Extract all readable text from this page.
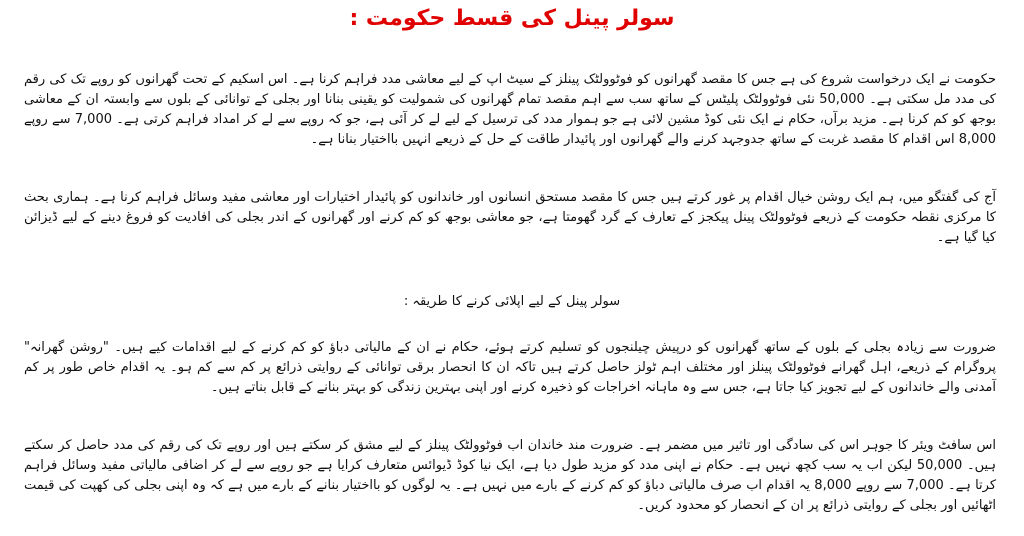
سولر پینل کی قسط حکومت :

حکومت نے ایک درخواست شروع کی ہے جس کا مقصد گھرانوں کو فوٹوولٹک پینلز کے سیٹ اپ کے لیے معاشی مدد فراہم کرنا ہے۔ اس اسکیم کے تحت گھرانوں کو روپے تک کی رقم کی مدد مل سکتی ہے۔ 50,000 نئی فوٹوولٹک پلیٹس کے ساتھ سب سے اہم مقصد تمام گھرانوں کی شمولیت کو یقینی بنانا اور بجلی کے توانائی کے بلوں سے وابستہ ان کے معاشی بوجھ کو کم کرنا ہے۔ مزید برآں، حکام نے ایک نئی کوڈ مشین لائی ہے جو ہموار مدد کی ترسیل کے لیے لے کر آئی ہے، جو کہ روپے سے لے کر امداد فراہم کرتی ہے۔ 7,000 سے روپے 8,000 اس اقدام کا مقصد غربت کے ساتھ جدوجہد کرنے والے گھرانوں اور پائیدار طاقت کے حل کے ذریعے انہیں بااختیار بنانا ہے۔

آج کی گفتگو میں، ہم ایک روشن خیال اقدام پر غور کرتے ہیں جس کا مقصد مستحق انسانوں اور خاندانوں کو پائیدار اختیارات اور معاشی مفید وسائل فراہم کرنا ہے۔ ہماری بحث کا مرکزی نقطہ حکومت کے ذریعے فوٹوولٹک پینل پیکجز کے تعارف کے گرد گھومتا ہے، جو معاشی بوجھ کو کم کرنے اور گھرانوں کے اندر بجلی کی افادیت کو فروغ دینے کے لیے ڈیزائن کیا گیا ہے۔

سولر پینل کے لیے اپلائی کرنے کا طریقہ :

ضرورت سے زیادہ بجلی کے بلوں کے ساتھ گھرانوں کو درپیش چیلنجوں کو تسلیم کرتے ہوئے، حکام نے ان کے مالیاتی دباؤ کو کم کرنے کے لیے اقدامات کیے ہیں۔ "روشن گھرانہ" پروگرام کے ذریعے، اہل گھرانے فوٹوولٹک پینلز اور مختلف اہم ٹولز حاصل کرتے ہیں تاکہ ان کا انحصار برقی توانائی کے روایتی ذرائع پر کم سے کم ہو۔ یہ اقدام خاص طور پر کم آمدنی والے خاندانوں کے لیے تجویز کیا جاتا ہے، جس سے وہ ماہانہ اخراجات کو ذخیرہ کرنے اور اپنی بہترین زندگی کو بہتر بنانے کے قابل بناتے ہیں۔

اس سافٹ ویئر کا جوہر اس کی سادگی اور تاثیر میں مضمر ہے۔ ضرورت مند خاندان اب فوٹوولٹک پینلز کے لیے مشق کر سکتے ہیں اور روپے تک کی رقم کی مدد حاصل کر سکتے ہیں۔ 50,000 لیکن اب یہ سب کچھ نہیں ہے۔ حکام نے اپنی مدد کو مزید طول دیا ہے، ایک نیا کوڈ ڈیوائس متعارف کرایا ہے جو روپے سے لے کر اضافی مالیاتی مفید وسائل فراہم کرتا ہے۔ 7,000 سے روپے 8,000 یہ اقدام اب صرف مالیاتی دباؤ کو کم کرنے کے بارے میں نہیں ہے۔ یہ لوگوں کو بااختیار بنانے کے بارے میں ہے کہ وہ اپنی بجلی کی کھپت کی قیمت اٹھائیں اور بجلی کے روایتی ذرائع پر ان کے انحصار کو محدود کریں۔
